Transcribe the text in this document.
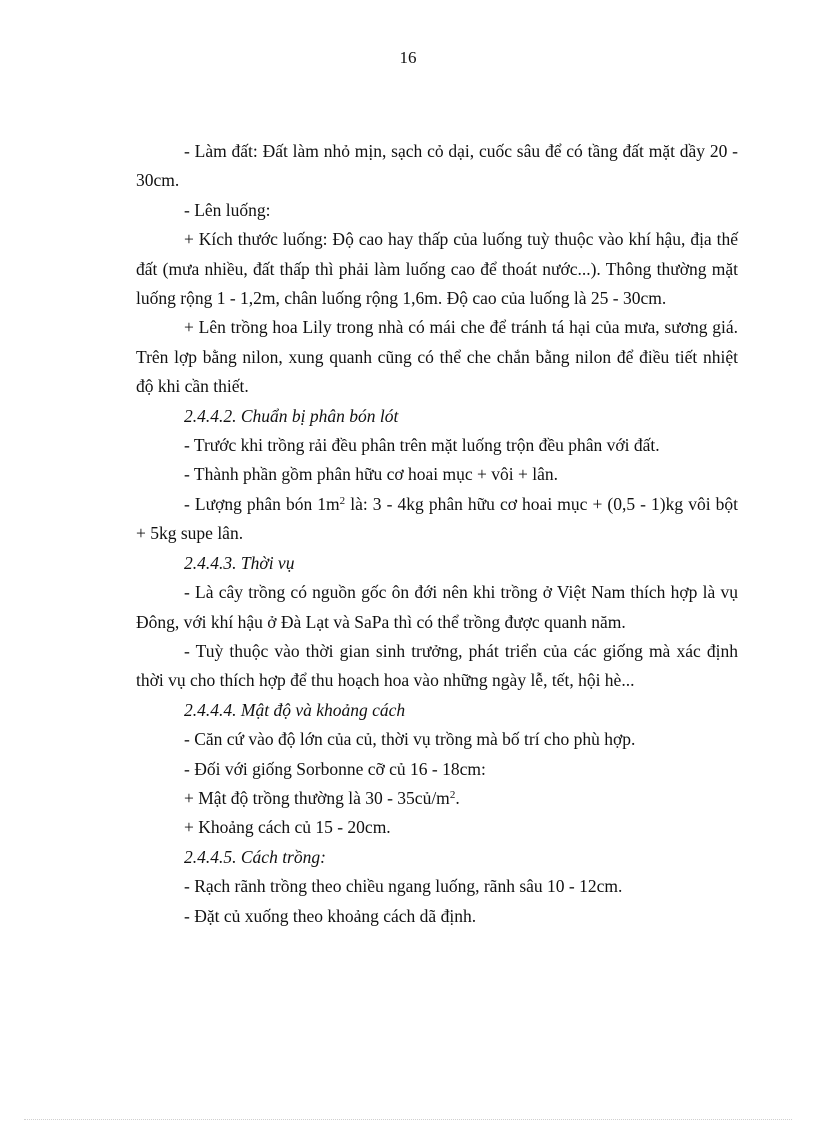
16

- Làm đất: Đất làm nhỏ mịn, sạch cỏ dại, cuốc sâu để có tầng đất mặt dầy 20 - 30cm.

- Lên luống:

+ Kích thước luống: Độ cao hay thấp của luống tuỳ thuộc vào khí hậu, địa thế đất (mưa nhiều, đất thấp thì phải làm luống cao để thoát nước...). Thông thường mặt luống rộng 1 - 1,2m, chân luống rộng 1,6m. Độ cao của luống là 25 - 30cm.

+ Lên trồng hoa Lily trong nhà có mái che để tránh tá hại của mưa, sương giá. Trên lợp bằng nilon, xung quanh cũng có thể che chắn bằng nilon để điều tiết nhiệt độ khi cần thiết.

2.4.4.2. Chuẩn bị phân bón lót

- Trước khi trồng rải đều phân trên mặt luống trộn đều phân với đất.

- Thành phần gồm phân hữu cơ hoai mục + vôi + lân.

- Lượng phân bón $1m^2$ là: 3 - 4kg phân hữu cơ hoai mục + (0,5 - 1)kg vôi bột + 5kg supe lân.

2.4.4.3. Thời vụ

- Là cây trồng có nguồn gốc ôn đới nên khi trồng ở Việt Nam thích hợp là vụ Đông, với khí hậu ở Đà Lạt và SaPa thì có thể trồng được quanh năm.

- Tuỳ thuộc vào thời gian sinh trưởng, phát triển của các giống mà xác định thời vụ cho thích hợp để thu hoạch hoa vào những ngày lễ, tết, hội hè...

2.4.4.4. Mật độ và khoảng cách

- Căn cứ vào độ lớn của củ, thời vụ trồng mà bố trí cho phù hợp.

- Đối với giống Sorbonne cỡ củ 16 - 18cm:

+ Mật độ trồng thường là $30 - 35củ/m^2$.

+ Khoảng cách củ 15 - 20cm.

2.4.4.5. Cách trồng:

- Rạch rãnh trồng theo chiều ngang luống, rãnh sâu 10 - 12cm.

- Đặt củ xuống theo khoảng cách dã định.
